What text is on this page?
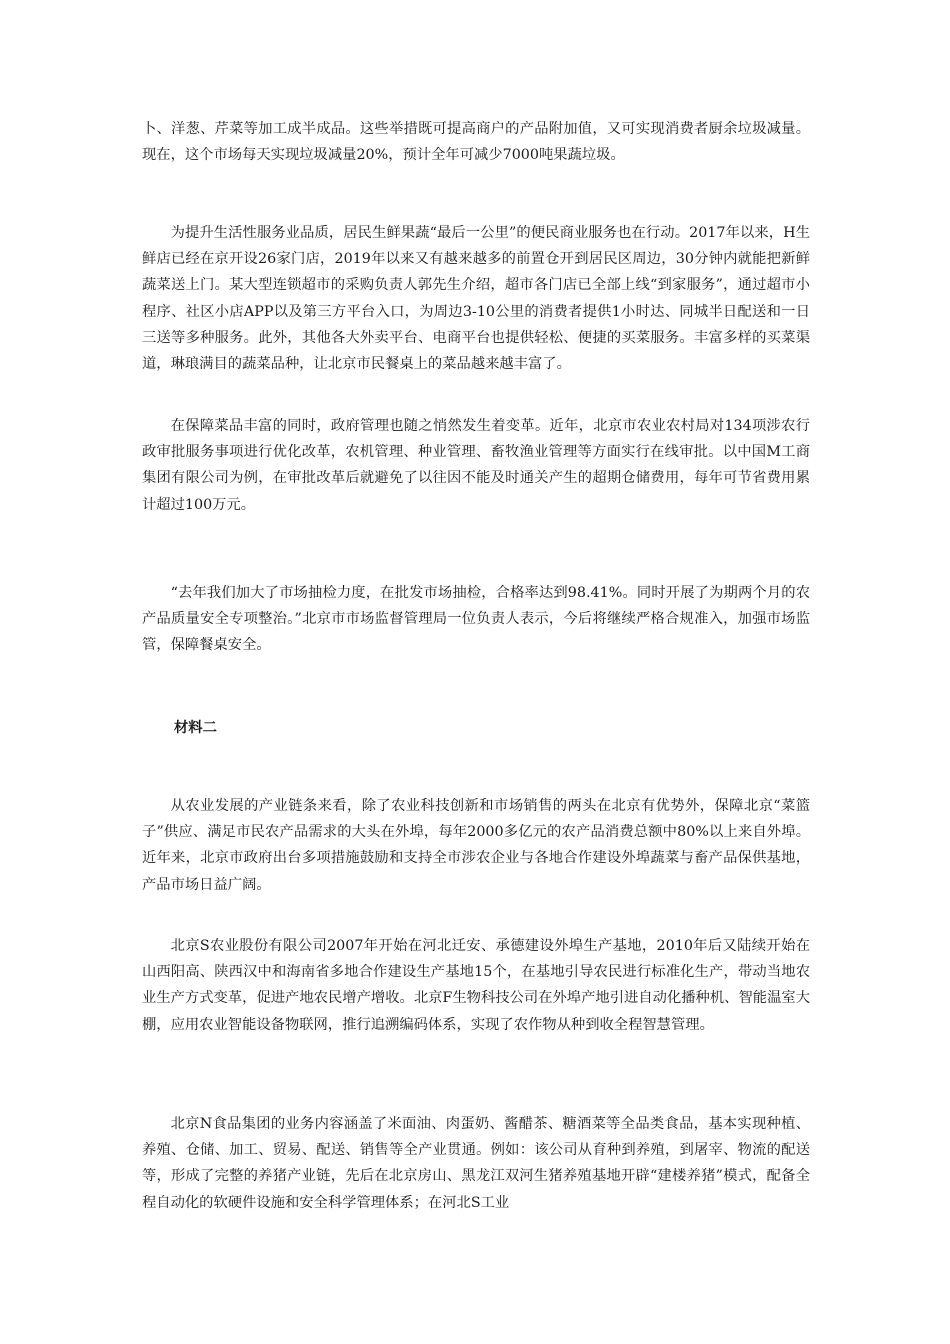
卜、洋葱、芹菜等加工成半成品。这些举措既可提高商户的产品附加值，又可实现消费者厨余垃圾减量。现在，这个市场每天实现垃圾减量20%，预计全年可减少7000吨果蔬垃圾。

为提升生活性服务业品质，居民生鲜果蔬“最后一公里”的便民商业服务也在行动。2017年以来，H生鲜店已经在京开设26家门店，2019年以来又有越来越多的前置仓开到居民区周边，30分钟内就能把新鲜蔬菜送上门。某大型连锁超市的采购负责人郭先生介绍，超市各门店已全部上线“到家服务”，通过超市小程序、社区小店APP以及第三方平台入口，为周边3-10公里的消费者提供1小时达、同城半日配送和一日三送等多种服务。此外，其他各大外卖平台、电商平台也提供轻松、便捷的买菜服务。丰富多样的买菜渠道，琳琅满目的蔬菜品种，让北京市民餐桌上的菜品越来越丰富了。

在保障菜品丰富的同时，政府管理也随之悄然发生着变革。近年，北京市农业农村局对134项涉农行政审批服务事项进行优化改革，农机管理、种业管理、畜牧渔业管理等方面实行在线审批。以中国M工商集团有限公司为例，在审批改革后就避免了以往因不能及时通关产生的超期仓储费用，每年可节省费用累计超过100万元。

“去年我们加大了市场抽检力度，在批发市场抽检，合格率达到98.41%。同时开展了为期两个月的农产品质量安全专项整治。”北京市市场监督管理局一位负责人表示，今后将继续严格合规准入，加强市场监管，保障餐桌安全。

材料二

从农业发展的产业链条来看，除了农业科技创新和市场销售的两头在北京有优势外，保障北京“菜篮子”供应、满足市民农产品需求的大头在外埠，每年2000多亿元的农产品消费总额中80%以上来自外埠。近年来，北京市政府出台多项措施鼓励和支持全市涉农企业与各地合作建设外埠蔬菜与畜产品保供基地，产品市场日益广阔。

北京S农业股份有限公司2007年开始在河北迁安、承德建设外埠生产基地，2010年后又陆续开始在山西阳高、陕西汉中和海南省多地合作建设生产基地15个，在基地引导农民进行标准化生产，带动当地农业生产方式变革，促进产地农民增产增收。北京F生物科技公司在外埠产地引进自动化播种机、智能温室大棚，应用农业智能设备物联网，推行追溯编码体系，实现了农作物从种到收全程智慧管理。

北京N食品集团的业务内容涵盖了米面油、肉蛋奶、酱醋茶、糖酒菜等全品类食品，基本实现种植、养殖、仓储、加工、贸易、配送、销售等全产业贯通。例如：该公司从育种到养殖，到屠宰、物流的配送等，形成了完整的养猪产业链，先后在北京房山、黑龙江双河生猪养殖基地开辟“建楼养猪”模式，配备全程自动化的软硬件设施和安全科学管理体系；在河北S工业
